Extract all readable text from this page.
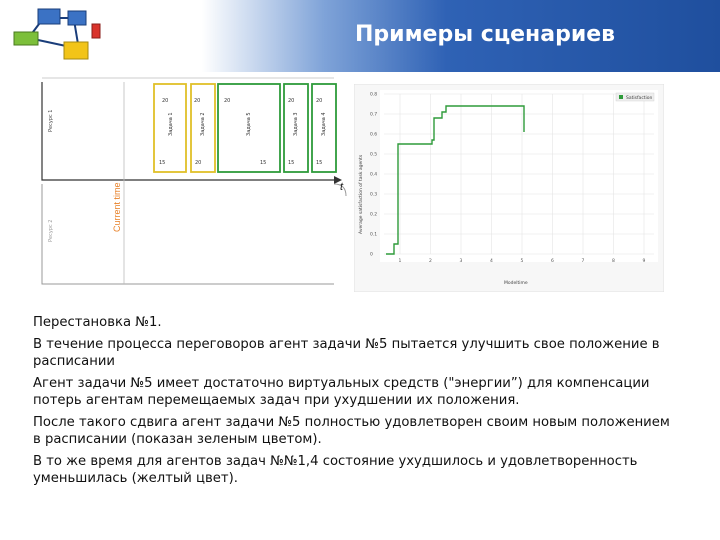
Примеры сценариев
Ресурс 1
Ресурс 2	Current time
20	20	20	20	20
15	20	15	15	15
Задача 1	Задача 2	Задача 5	Задача 3	Задача 4
t
0
0.1
0.2
0.3
0.4
0.5
0.6
0.7
0.8
1	2	3	4	5	6	7	8	9
Satisfaction
Average satisfaction of task agents
Modeltime

Перестановка №1.

В течение процесса переговоров агент задачи №5 пытается улучшить свое положение в расписании

Агент задачи №5 имеет достаточно виртуальных средств ("энергии”) для компенсации потерь агентам перемещаемых задач при ухудшении их положения.

После такого сдвига агент задачи №5 полностью удовлетворен своим новым положением в расписании (показан зеленым цветом).

В то же время для агентов задач №№1,4 состояние ухудшилось и удовлетворенность уменьшилась (желтый цвет).
